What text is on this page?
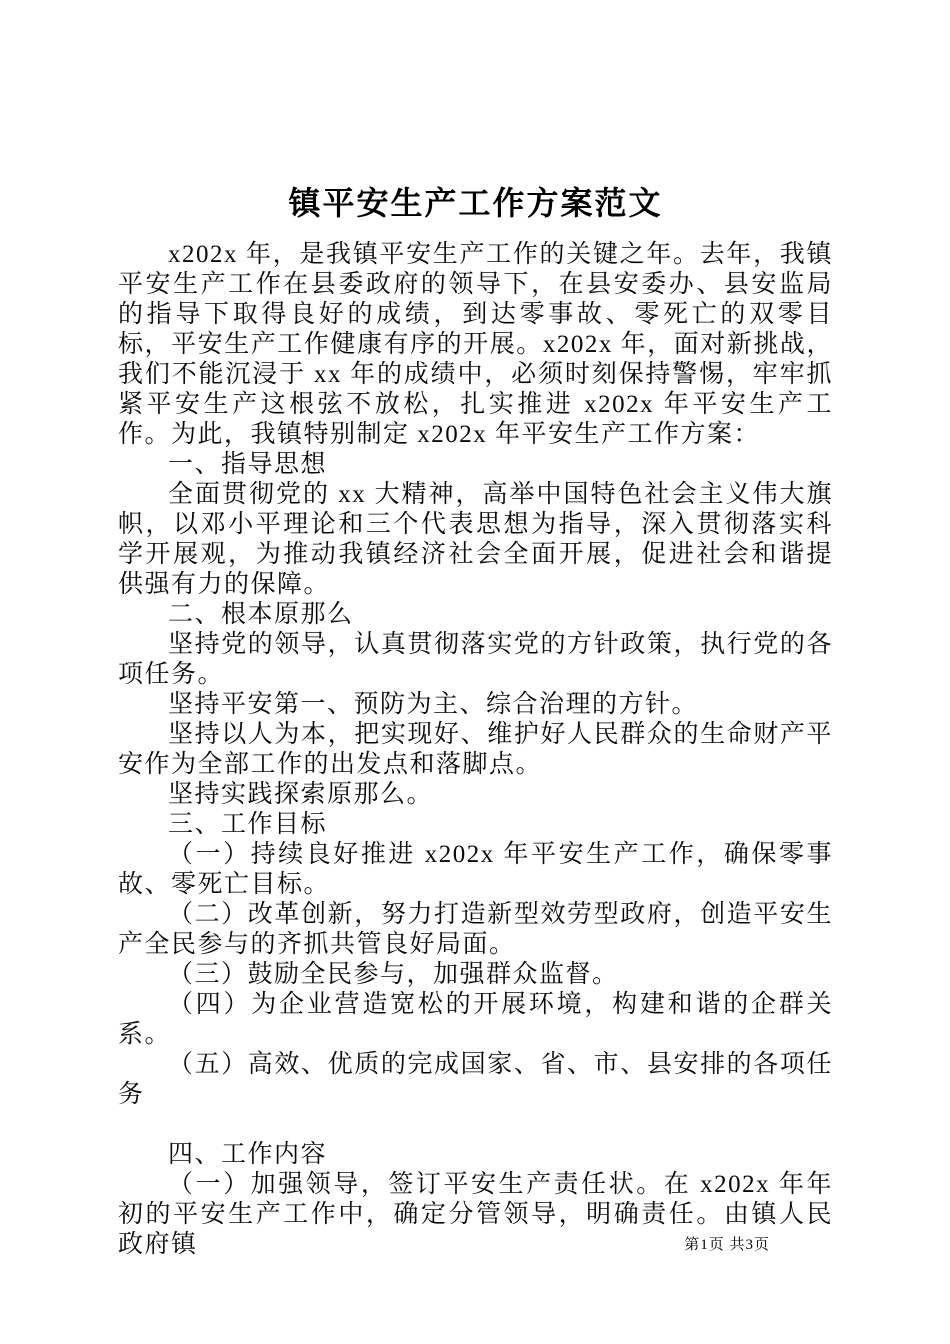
镇平安生产工作方案范文

x202x 年，是我镇平安生产工作的关键之年。去年，我镇平安生产工作在县委政府的领导下，在县安委办、县安监局的指导下取得良好的成绩，到达零事故、零死亡的双零目标，平安生产工作健康有序的开展。x202x 年，面对新挑战，我们不能沉浸于 xx 年的成绩中，必须时刻保持警惕，牢牢抓紧平安生产这根弦不放松，扎实推进 x202x 年平安生产工作。为此，我镇特别制定 x202x 年平安生产工作方案：

一、指导思想

全面贯彻党的 xx 大精神，高举中国特色社会主义伟大旗帜，以邓小平理论和三个代表思想为指导，深入贯彻落实科学开展观，为推动我镇经济社会全面开展，促进社会和谐提供强有力的保障。

二、根本原那么

坚持党的领导，认真贯彻落实党的方针政策，执行党的各项任务。

坚持平安第一、预防为主、综合治理的方针。

坚持以人为本，把实现好、维护好人民群众的生命财产平安作为全部工作的出发点和落脚点。

坚持实践探索原那么。

三、工作目标

（一）持续良好推进 x202x 年平安生产工作，确保零事故、零死亡目标。

（二）改革创新，努力打造新型效劳型政府，创造平安生产全民参与的齐抓共管良好局面。

（三）鼓励全民参与，加强群众监督。

（四）为企业营造宽松的开展环境，构建和谐的企群关系。

（五）高效、优质的完成国家、省、市、县安排的各项任务

四、工作内容

（一）加强领导，签订平安生产责任状。在 x202x 年年初的平安生产工作中，确定分管领导，明确责任。由镇人民政府镇	第1页 共3页
